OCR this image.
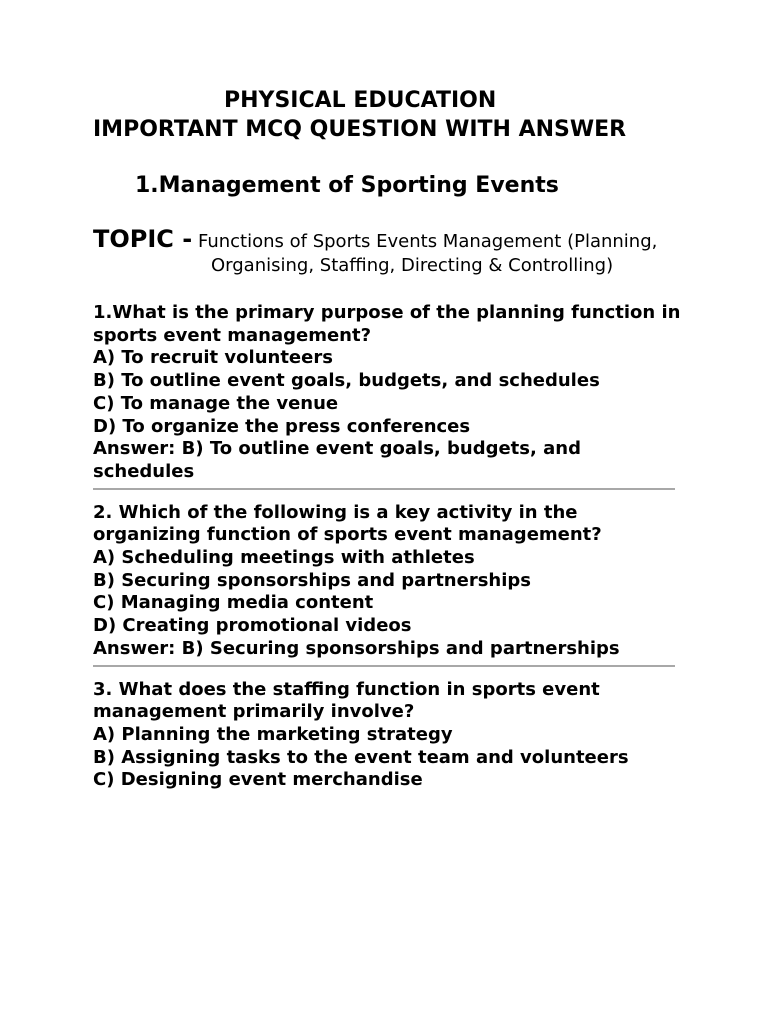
PHYSICAL EDUCATION
IMPORTANT MCQ QUESTION WITH ANSWER
1.Management of Sporting Events
TOPIC - Functions of Sports Events Management (Planning,
Organising, Staffing, Directing & Controlling)
1.What is the primary purpose of the planning function in sports event management?
A) To recruit volunteers
B) To outline event goals, budgets, and schedules
C) To manage the venue
D) To organize the press conferences
Answer: B) To outline event goals, budgets, and schedules
2. Which of the following is a key activity in the organizing function of sports event management?
A) Scheduling meetings with athletes
B) Securing sponsorships and partnerships
C) Managing media content
D) Creating promotional videos
Answer: B) Securing sponsorships and partnerships
3. What does the staffing function in sports event management primarily involve?
A) Planning the marketing strategy
B) Assigning tasks to the event team and volunteers
C) Designing event merchandise
